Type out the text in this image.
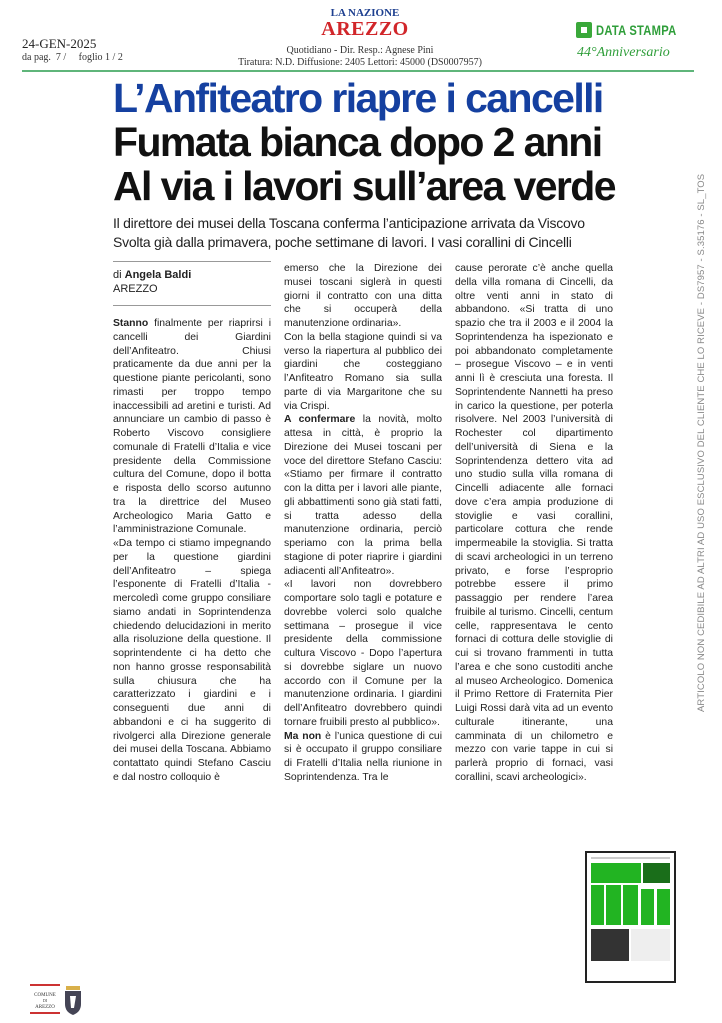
24-GEN-2025
da pag.  7 /     foglio 1 / 2
LA NAZIONE
AREZZO
Quotidiano - Dir. Resp.: Agnese Pini
Tiratura: N.D. Diffusione: 2405 Lettori: 45000 (DS0007957)
DATA STAMPA
44°Anniversario
L’Anfiteatro riapre i cancelli
Fumata bianca dopo 2 anni
Al via i lavori sull’area verde
Il direttore dei musei della Toscana conferma l’anticipazione arrivata da Viscovo
Svolta già dalla primavera, poche settimane di lavori. I vasi corallini di Cincelli
di Angela Baldi
AREZZO

Stanno finalmente per riaprirsi i cancelli dei Giardini dell’Anfiteatro. Chiusi praticamente da due anni per la questione piante pericolanti, sono rimasti per troppo tempo inaccessibili ad aretini e turisti. Ad annunciare un cambio di passo è Roberto Viscovo consigliere comunale di Fratelli d’Italia e vice presidente della Commissione cultura del Comune, dopo il botta e risposta dello scorso autunno tra la direttrice del Museo Archeologico Maria Gatto e l’amministrazione Comunale.

«Da tempo ci stiamo impegnando per la questione giardini dell’Anfiteatro – spiega l’esponente di Fratelli d’Italia - mercoledì come gruppo consiliare siamo andati in Soprintendenza chiedendo delucidazioni in merito alla risoluzione della questione. Il soprintendente ci ha detto che non hanno grosse responsabilità sulla chiusura che ha caratterizzato i giardini e i conseguenti due anni di abbandoni e ci ha suggerito di rivolgerci alla Direzione generale dei musei della Toscana. Abbiamo contattato quindi Stefano Casciu e dal nostro colloquio è

emerso che la Direzione dei musei toscani siglerà in questi giorni il contratto con una ditta che si occuperà della manutenzione ordinaria».

Con la bella stagione quindi si va verso la riapertura al pubblico dei giardini che costeggiano l’Anfiteatro Romano sia sulla parte di via Margaritone che su via Crispi.

A confermare la novità, molto attesa in città, è proprio la Direzione dei Musei toscani per voce del direttore Stefano Casciu: «Stiamo per firmare il contratto con la ditta per i lavori alle piante, gli abbattimenti sono già stati fatti, si tratta adesso della manutenzione ordinaria, perciò speriamo con la prima bella stagione di poter riaprire i giardini adiacenti all’Anfiteatro».

«I lavori non dovrebbero comportare solo tagli e potature e dovrebbe volerci solo qualche settimana – prosegue il vice presidente della commissione cultura Viscovo - Dopo l’apertura si dovrebbe siglare un nuovo accordo con il Comune per la manutenzione ordinaria. I giardini dell’Anfiteatro dovrebbero quindi tornare fruibili presto al pubblico».

Ma non è l’unica questione di cui si è occupato il gruppo consiliare di Fratelli d’Italia nella riunione in Soprintendenza. Tra le

cause perorate c’è anche quella della villa romana di Cincelli, da oltre venti anni in stato di abbandono. «Si tratta di uno spazio che tra il 2003 e il 2004 la Soprintendenza ha ispezionato e poi abbandonato completamente – prosegue Viscovo – e in venti anni lì è cresciuta una foresta. Il Soprintendente Nannetti ha preso in carico la questione, per poterla risolvere. Nel 2003 l’università di Rochester col dipartimento dell’università di Siena e la Soprintendenza dettero vita ad uno studio sulla villa romana di Cincelli adiacente alle fornaci dove c’era ampia produzione di stoviglie e vasi corallini, particolare cottura che rende impermeabile la stoviglia. Si tratta di scavi archeologici in un terreno privato, e forse l’esproprio potrebbe essere il primo passaggio per rendere l’area fruibile al turismo. Cincelli, centum celle, rappresentava le cento fornaci di cottura delle stoviglie di cui si trovano frammenti in tutta l’area e che sono custoditi anche al museo Archeologico. Domenica il Primo Rettore di Fraternita Pier Luigi Rossi darà vita ad un evento culturale itinerante, una camminata di un chilometro e mezzo con varie tappe in cui si parlerà proprio di fornaci, vasi corallini, scavi archeologici».

ARTICOLO NON CEDIBILE AD ALTRI AD USO ESCLUSIVO DEL CLIENTE CHE LO RICEVE - DS7957 - S.35176 - SL_TOS
COMUNE
DI
AREZZO
